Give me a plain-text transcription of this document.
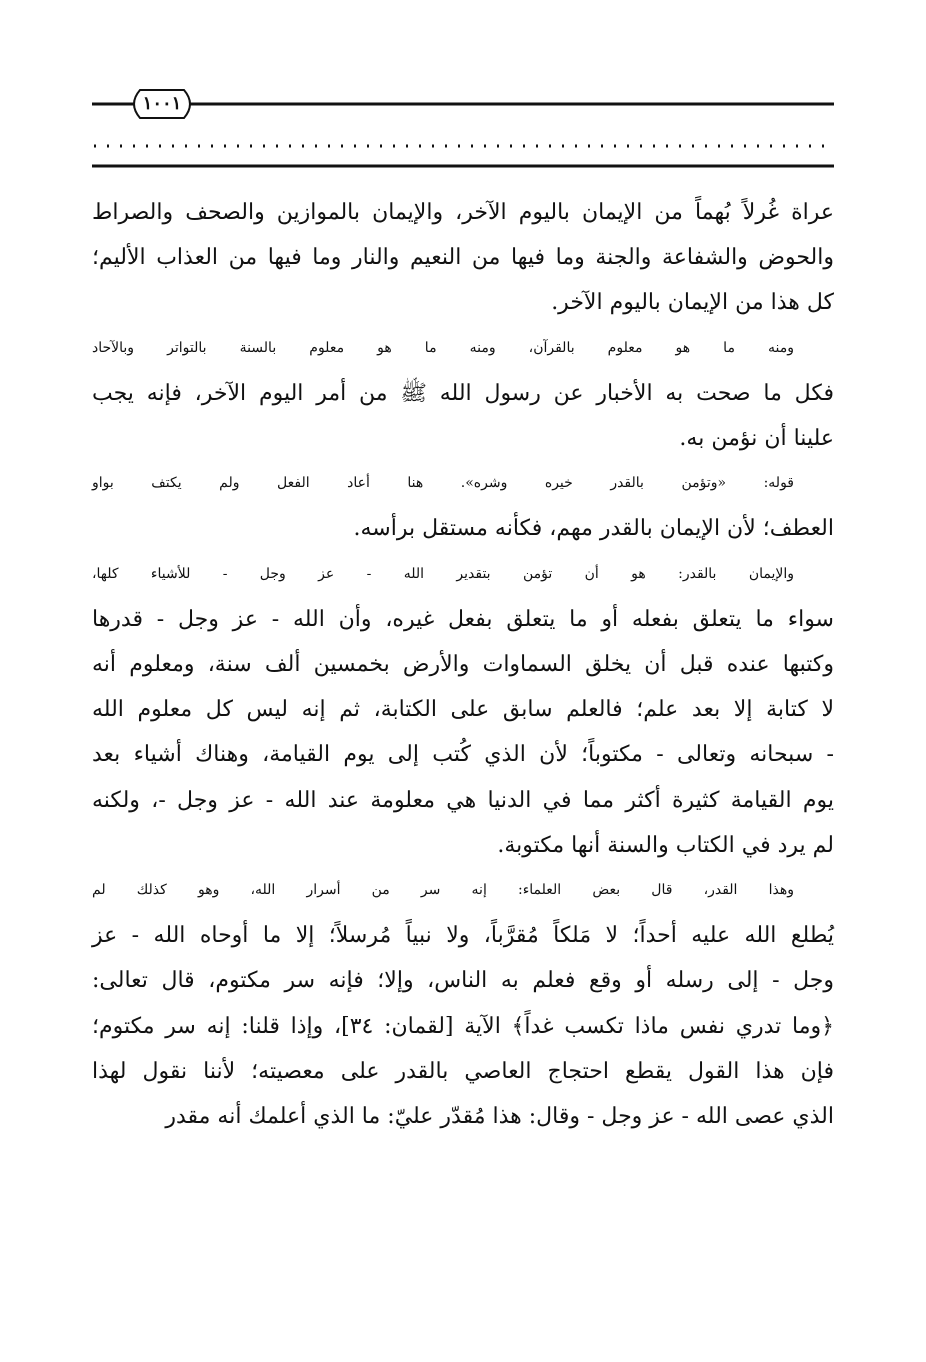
١٠٠١
عراة غُرلاً بُهماً من الإيمان باليوم الآخر، والإيمان بالموازين والصحف والصراط
والحوض والشفاعة والجنة وما فيها من النعيم والنار وما فيها من العذاب الأليم؛
كل هذا من الإيمان باليوم الآخر.
ومنه ما هو معلوم بالقرآن، ومنه ما هو معلوم بالسنة بالتواتر وبالآحاد
فكل ما صحت به الأخبار عن رسول الله ﷺ من أمر اليوم الآخر، فإنه يجب
علينا أن نؤمن به.
قوله: «وتؤمن بالقدر خيره وشره». هنا أعاد الفعل ولم يكتف بواو
العطف؛ لأن الإيمان بالقدر مهم، فكأنه مستقل برأسه.
والإيمان بالقدر: هو أن تؤمن بتقدير الله - عز وجل - للأشياء كلها،
سواء ما يتعلق بفعله أو ما يتعلق بفعل غيره، وأن الله - عز وجل - قدرها
وكتبها عنده قبل أن يخلق السماوات والأرض بخمسين ألف سنة، ومعلوم أنه
لا كتابة إلا بعد علم؛ فالعلم سابق على الكتابة، ثم إنه ليس كل معلوم الله
- سبحانه وتعالى - مكتوباً؛ لأن الذي كُتب إلى يوم القيامة، وهناك أشياء بعد
يوم القيامة كثيرة أكثر مما في الدنيا هي معلومة عند الله - عز وجل -، ولكنه
لم يرد في الكتاب والسنة أنها مكتوبة.
وهذا القدر، قال بعض العلماء: إنه سر من أسرار الله، وهو كذلك لم
يُطلع الله عليه أحداً؛ لا مَلكاً مُقرَّباً، ولا نبياً مُرسلاً؛ إلا ما أوحاه الله - عز
وجل - إلى رسله أو وقع فعلم به الناس، وإلا؛ فإنه سر مكتوم، قال تعالى:
﴿وما تدري نفس ماذا تكسب غداً﴾ الآية [لقمان: ٣٤]، وإذا قلنا: إنه سر مكتوم؛
فإن هذا القول يقطع احتجاج العاصي بالقدر على معصيته؛ لأننا نقول لهذا
الذي عصى الله - عز وجل - وقال: هذا مُقدّر عليّ: ما الذي أعلمك أنه مقدر
